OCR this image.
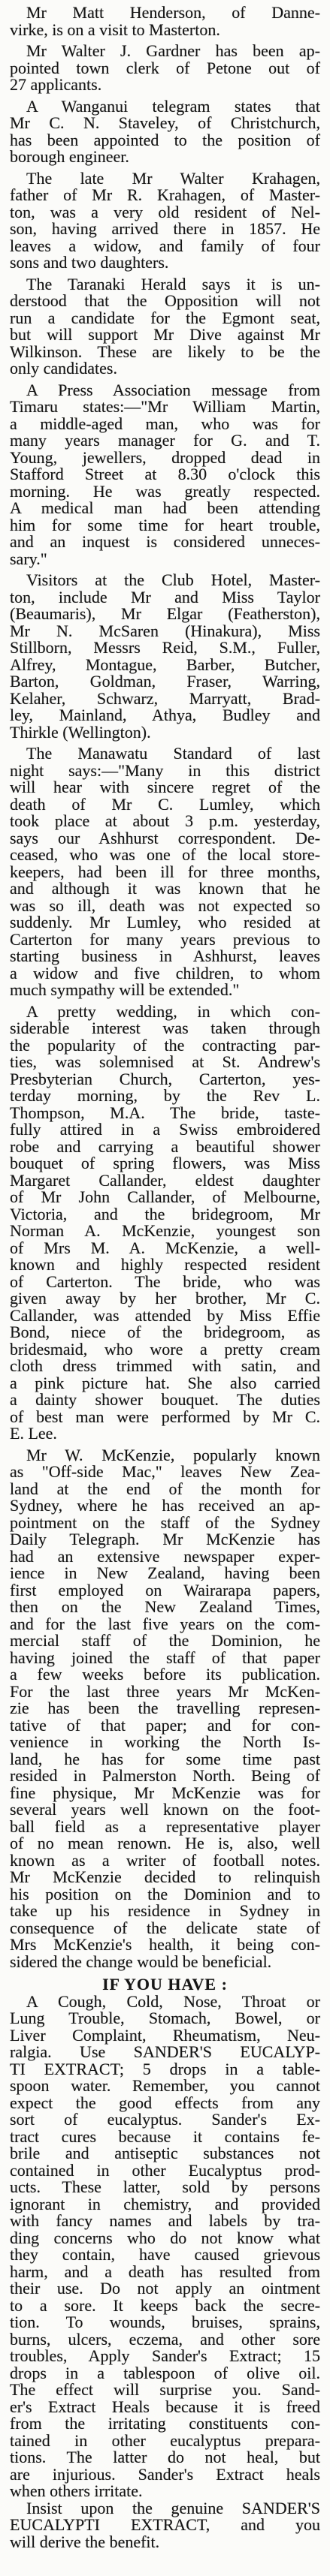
Mr Matt Henderson, of Danne-
virke, is on a visit to Masterton.
Mr Walter J. Gardner has been ap-
pointed town clerk of Petone out of
27 applicants.
A Wanganui telegram states that
Mr C. N. Staveley, of Christchurch,
has been appointed to the position of
borough engineer.
The late Mr Walter Krahagen,
father of Mr R. Krahagen, of Master-
ton, was a very old resident of Nel-
son, having arrived there in 1857. He
leaves a widow, and family of four
sons and two daughters.
The Taranaki Herald says it is un-
derstood that the Opposition will not
run a candidate for the Egmont seat,
but will support Mr Dive against Mr
Wilkinson. These are likely to be the
only candidates.
A Press Association message from
Timaru states:—"Mr William Martin,
a middle-aged man, who was for
many years manager for G. and T.
Young, jewellers, dropped dead in
Stafford Street at 8.30 o'clock this
morning. He was greatly respected.
A medical man had been attending
him for some time for heart trouble,
and an inquest is considered unneces-
sary."
Visitors at the Club Hotel, Master-
ton, include Mr and Miss Taylor
(Beaumaris), Mr Elgar (Featherston),
Mr N. McSaren (Hinakura), Miss
Stillborn, Messrs Reid, S.M., Fuller,
Alfrey, Montague, Barber, Butcher,
Barton, Goldman, Fraser, Warring,
Kelaher, Schwarz, Marryatt, Brad-
ley, Mainland, Athya, Budley and
Thirkle (Wellington).
The Manawatu Standard of last
night says:—"Many in this district
will hear with sincere regret of the
death of Mr C. Lumley, which
took place at about 3 p.m. yesterday,
says our Ashhurst correspondent. De-
ceased, who was one of the local store-
keepers, had been ill for three months,
and although it was known that he
was so ill, death was not expected so
suddenly. Mr Lumley, who resided at
Carterton for many years previous to
starting business in Ashhurst, leaves
a widow and five children, to whom
much sympathy will be extended."
A pretty wedding, in which con-
siderable interest was taken through
the popularity of the contracting par-
ties, was solemnised at St. Andrew's
Presbyterian Church, Carterton, yes-
terday morning, by the Rev L.
Thompson, M.A. The bride, taste-
fully attired in a Swiss embroidered
robe and carrying a beautiful shower
bouquet of spring flowers, was Miss
Margaret Callander, eldest daughter
of Mr John Callander, of Melbourne,
Victoria, and the bridegroom, Mr
Norman A. McKenzie, youngest son
of Mrs M. A. McKenzie, a well-
known and highly respected resident
of Carterton. The bride, who was
given away by her brother, Mr C.
Callander, was attended by Miss Effie
Bond, niece of the bridegroom, as
bridesmaid, who wore a pretty cream
cloth dress trimmed with satin, and
a pink picture hat. She also carried
a dainty shower bouquet. The duties
of best man were performed by Mr C.
E. Lee.
Mr W. McKenzie, popularly known
as "Off-side Mac," leaves New Zea-
land at the end of the month for
Sydney, where he has received an ap-
pointment on the staff of the Sydney
Daily Telegraph. Mr McKenzie has
had an extensive newspaper exper-
ience in New Zealand, having been
first employed on Wairarapa papers,
then on the New Zealand Times,
and for the last five years on the com-
mercial staff of the Dominion, he
having joined the staff of that paper
a few weeks before its publication.
For the last three years Mr McKen-
zie has been the travelling represen-
tative of that paper; and for con-
venience in working the North Is-
land, he has for some time past
resided in Palmerston North. Being of
fine physique, Mr McKenzie was for
several years well known on the foot-
ball field as a representative player
of no mean renown. He is, also, well
known as a writer of football notes.
Mr McKenzie decided to relinquish
his position on the Dominion and to
take up his residence in Sydney in
consequence of the delicate state of
Mrs McKenzie's health, it being con-
sidered the change would be beneficial.
IF YOU HAVE :
A Cough, Cold, Nose, Throat or
Lung Trouble, Stomach, Bowel, or
Liver Complaint, Rheumatism, Neu-
ralgia. Use SANDER'S EUCALYP-
TI EXTRACT; 5 drops in a table-
spoon water. Remember, you cannot
expect the good effects from any
sort of eucalyptus. Sander's Ex-
tract cures because it contains fe-
brile and antiseptic substances not
contained in other Eucalyptus prod-
ucts. These latter, sold by persons
ignorant in chemistry, and provided
with fancy names and labels by tra-
ding concerns who do not know what
they contain, have caused grievous
harm, and a death has resulted from
their use. Do not apply an ointment
to a sore. It keeps back the secre-
tion. To wounds, bruises, sprains,
burns, ulcers, eczema, and other sore
troubles, Apply Sander's Extract; 15
drops in a tablespoon of olive oil.
The effect will surprise you. Sand-
er's Extract Heals because it is freed
from the irritating constituents con-
tained in other eucalyptus prepara-
tions. The latter do not heal, but
are injurious. Sander's Extract heals
when others irritate.
Insist upon the genuine SANDER'S
EUCALYPTI EXTRACT, and you
will derive the benefit.
